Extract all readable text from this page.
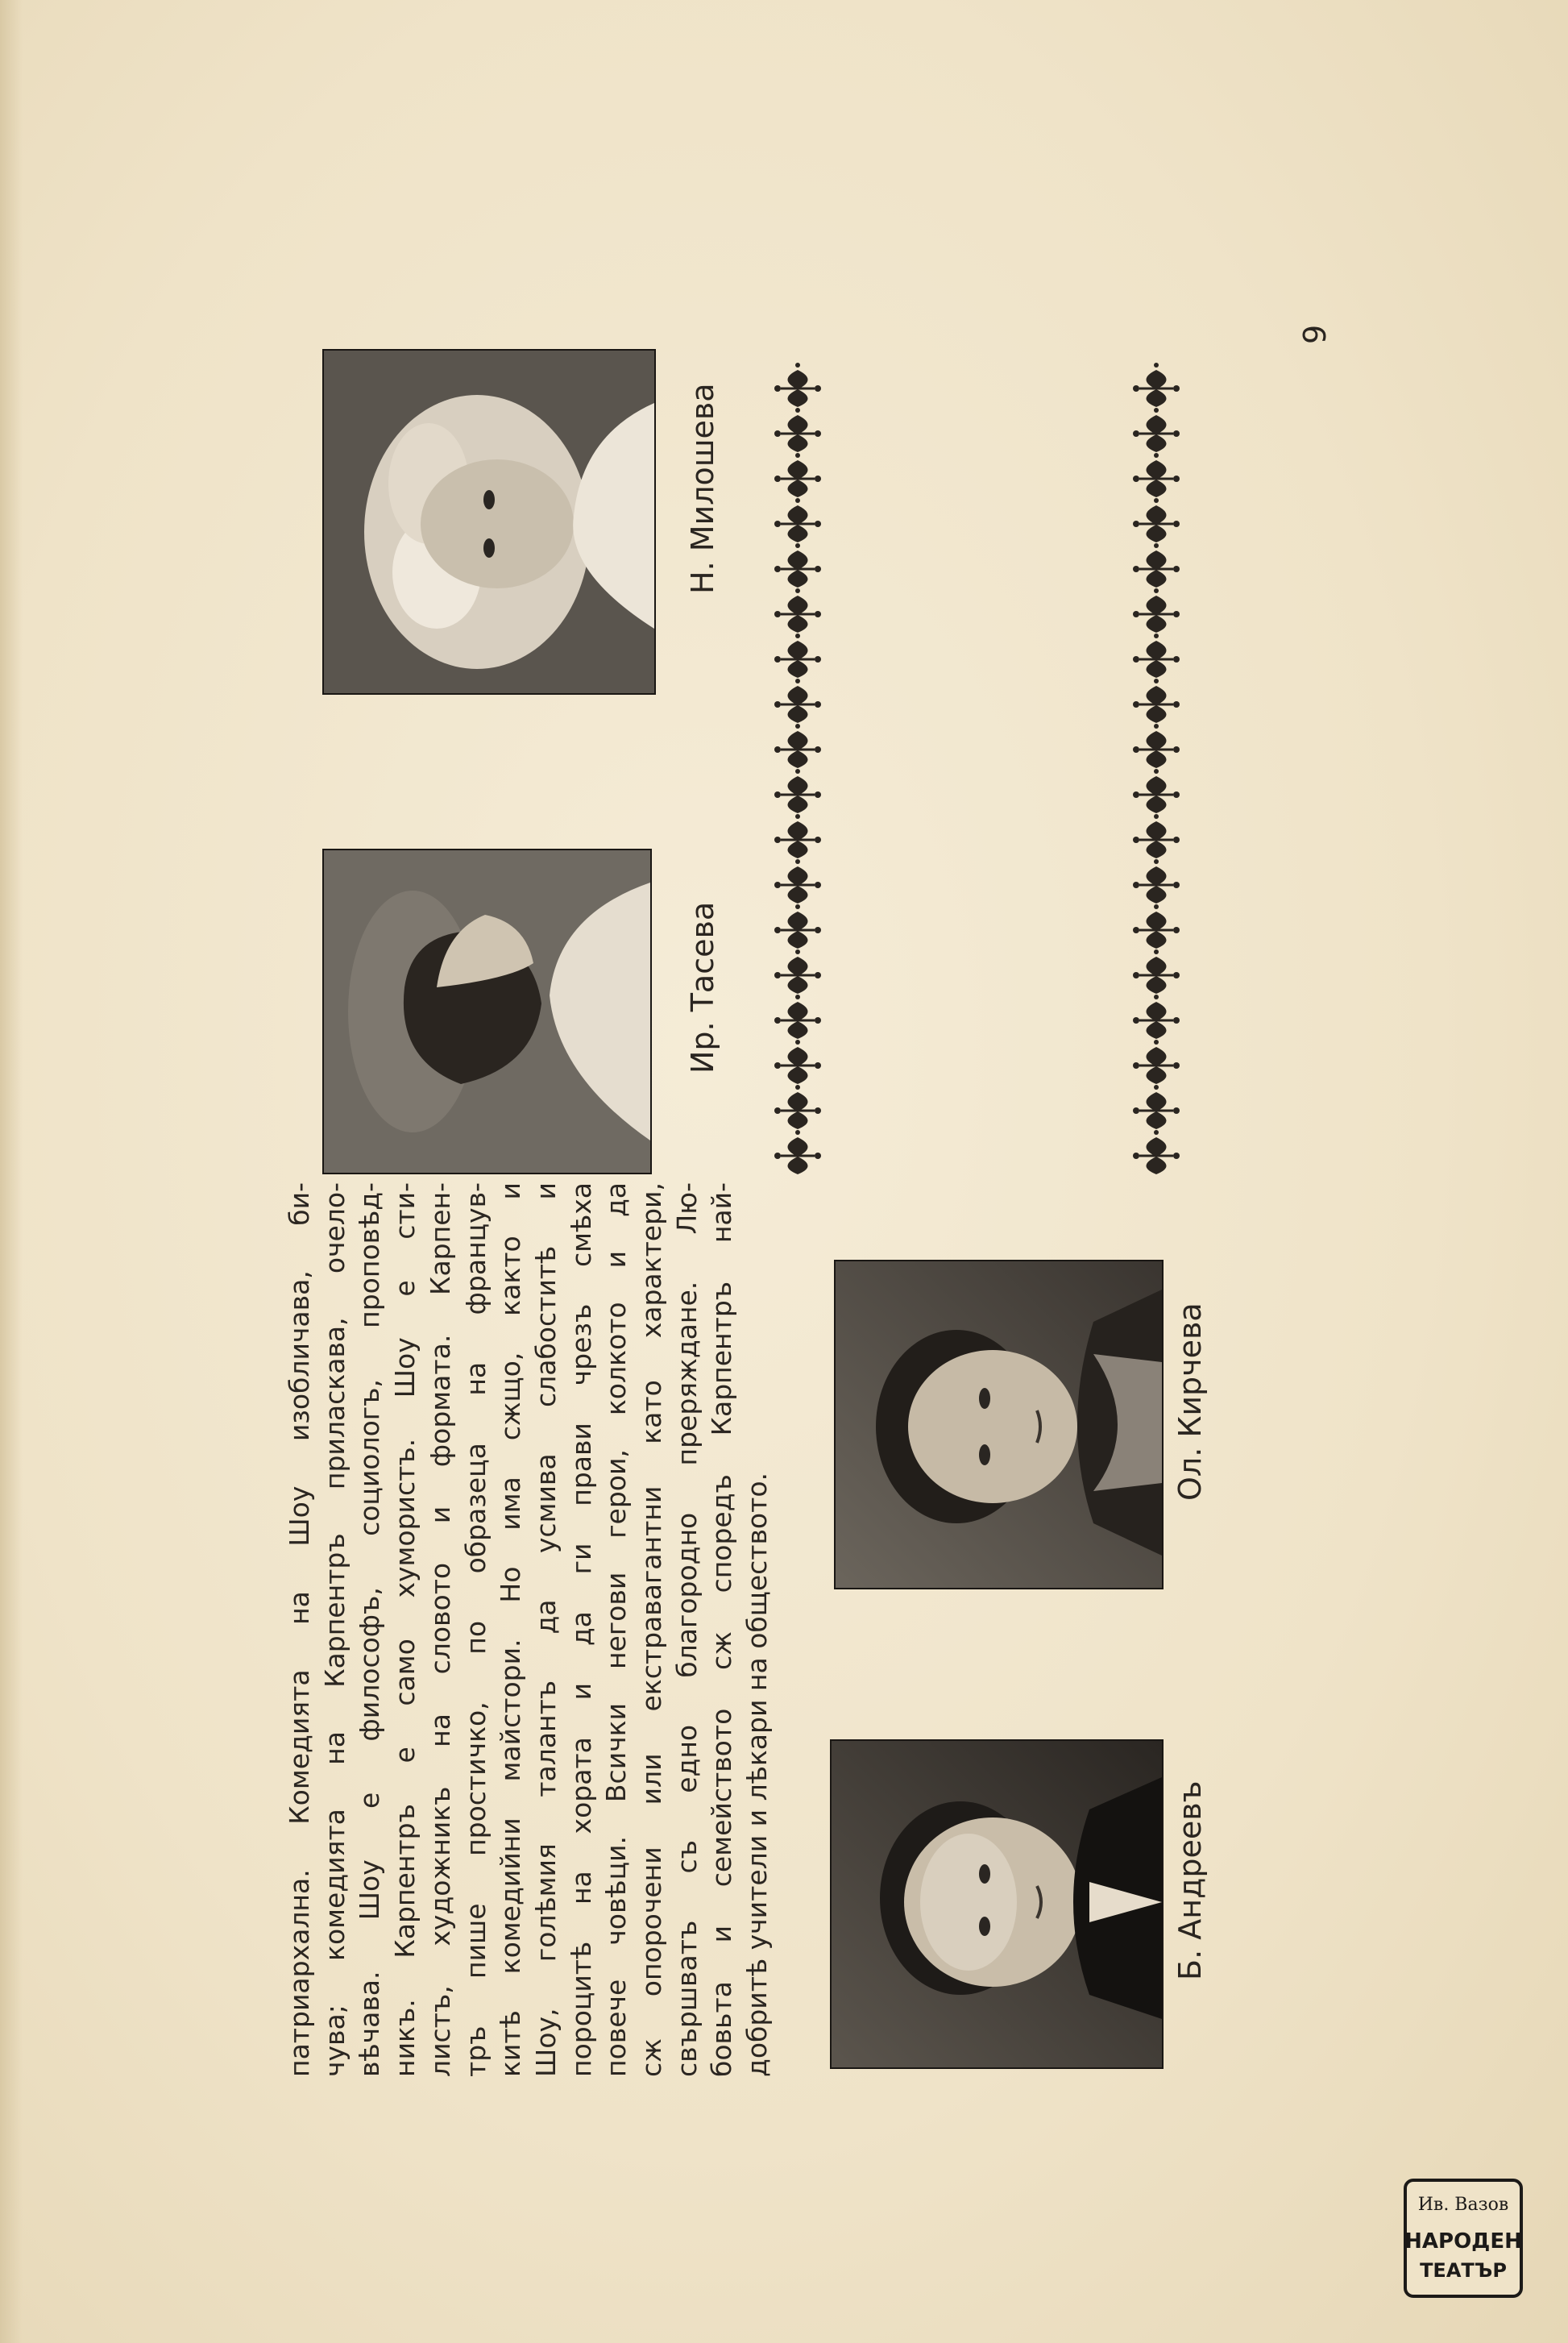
патриархална. Комедията на Шоу изобличава, би- чува; комедията на Карпентръ приласкава, очело- вѣчава. Шоу е философъ, социологъ, проповѣд- никъ. Карпентръ е само хумористъ. Шоу е сти- листъ, художникъ на словото и формата. Карпен- тръ пише простичко, по образеца на францув- китѣ комедийни майстори. Но има сжщо, както и Шоу, голѣмия талантъ да усмива слабоститѣ и пороцитѣ на хората и да ги прави чрезъ смѣха повече човѣци. Всички негови герои, колкото и да сж опорочени или екстравагантни като характери, свършватъ съ едно благородно преряждане. Лю- бовьта и семейството сж споредъ Карпентръ най- добритѣ учители и лѣкари на обществото.	Б. Андреевъ
Ол. Кирчева
Ир. Тасева
Н. Милошева
9
Ив. Вазов
НАРОДЕН
ТЕАТЪР
